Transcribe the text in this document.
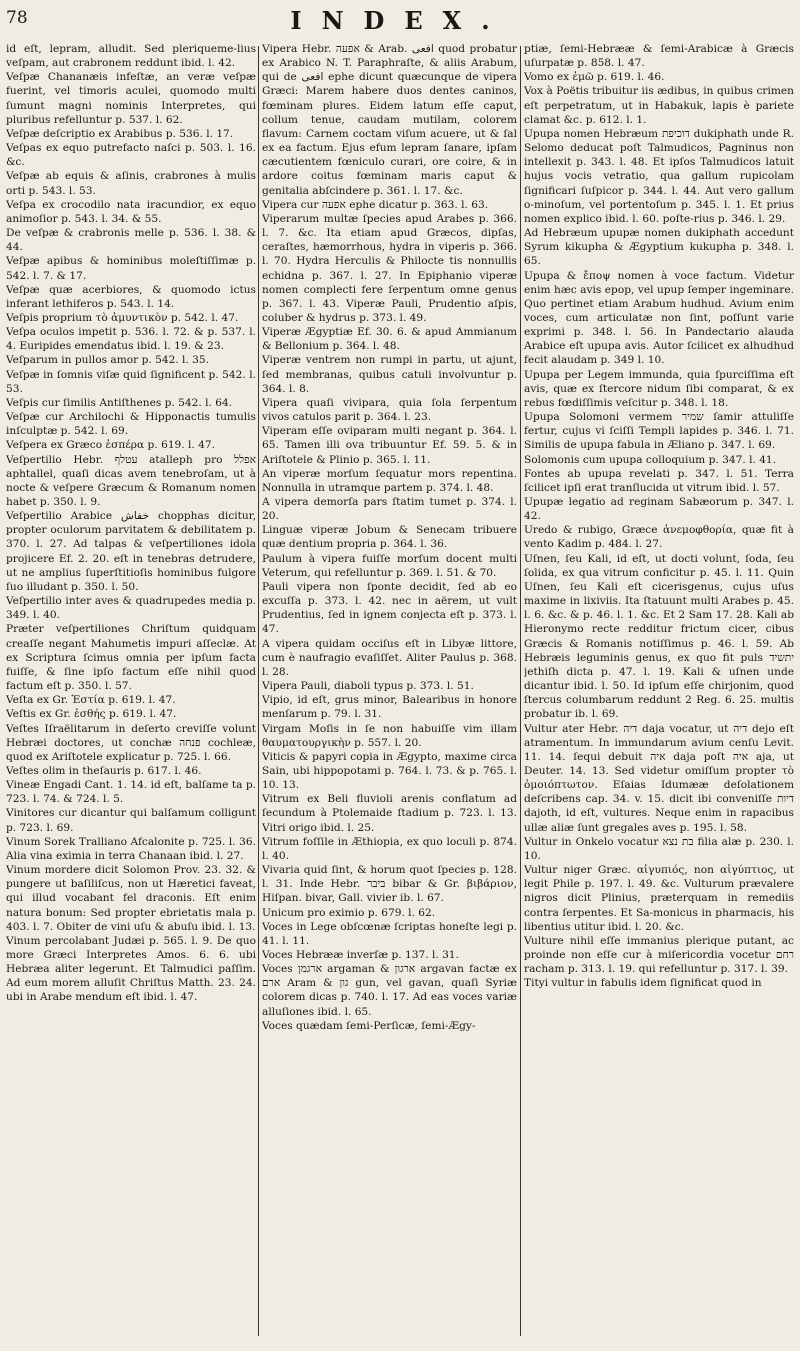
78	INDEX.
id eſt, lepram, alludit. Sed pleriqueme-lius veſpam, aut crabronem reddunt ibid. l. 42.
Veſpæ Chananæis infeſtæ, an veræ veſpæ fuerint, vel timoris aculei, quomodo multi ſumunt magni nominis Interpretes, qui pluribus refelluntur p. 537. l. 62.
Veſpæ deſcriptio ex Arabibus p. 536. l. 17.
Veſpas ex equo putrefacto naſci p. 503. l. 16. &c.
Veſpæ ab equis & aſinis, crabrones à mulis orti p. 543. l. 53.
Veſpa ex crocodilo nata iracundior, ex equo animoſior p. 543. l. 34. & 55.
De veſpæ & crabronis melle p. 536. l. 38. & 44.
Veſpæ apibus & hominibus moleſtiſſimæ p. 542. l. 7. & 17.
Veſpæ quæ acerbiores, & quomodo ictus inferant lethiferos p. 543. l. 14.
Veſpis proprium τὸ ἀμυντικὸν p. 542. l. 47.
Veſpa oculos impetit p. 536. l. 72. & p. 537. l. 4. Euripides emendatus ibid. l. 19. & 23.
Veſparum in pullos amor p. 542. l. 35.
Veſpæ in ſomnis viſæ quid ſignificent p. 542. l. 53.
Veſpis cur ſimilis Antiſthenes p. 542. l. 64.
Veſpæ cur Archilochi & Hipponactis tumulis inſculptæ p. 542. l. 69.
Veſpera ex Græco ἑσπέρα p. 619. l. 47.
Veſpertilio Hebr. עטלף atalleph pro אפלל aphtallel, quaſi dicas avem tenebroſam, ut à nocte & veſpere Græcum & Romanum nomen habet p. 350. l. 9.
Veſpertilio Arabice خفاش chopphas dicitur, propter oculorum parvitatem & debilitatem p. 370. l. 27. Ad talpas & veſpertiliones idola projicere Ef. 2. 20. eſt in tenebras detrudere, ut ne amplius ſuperſtitioſis hominibus fulgore ſuo illudant p. 350. l. 50.
Veſpertilio inter aves & quadrupedes media p. 349. l. 40.
Præter veſpertiliones Chriſtum quidquam creaſſe negant Mahumetis impuri aſſeclæ. At ex Scriptura ſcimus omnia per ipſum facta fuiſſe, & ſine ipſo factum eſſe nihil quod factum eſt p. 350. l. 57.
Veſta ex Gr. Ἑστία p. 619. l. 47.
Veſtis ex Gr. ἐσθής p. 619. l. 47.
Veſtes Iſraëlitarum in deſerto creviſſe volunt Hebræi doctores, ut conchæ פנחה cochleæ, quod ex Ariſtotele explicatur p. 725. l. 66.
Veſtes olim in theſauris p. 617. l. 46.
Vineæ Engadi Cant. 1. 14. id eſt, balſame ta p. 723. l. 74. & 724. l. 5.
Vinitores cur dicantur qui balſamum colligunt p. 723. l. 69.
Vinum Sorek Tralliano Afcalonite p. 725. l. 36. Alia vina eximia in terra Chanaan ibid. l. 27.
Vinum mordere dicit Solomon Prov. 23. 32. & pungere ut baſiliſcus, non ut Hæretici faveat, qui illud vocabant fel draconis. Eſt enim natura bonum: Sed propter ebrietatis mala p. 403. l. 7. Obiter de vini uſu & abuſu ibid. l. 13.
Vinum percolabant Judæi p. 565. l. 9. De quo more Græci Interpretes Amos. 6. 6. ubi Hebræa aliter legerunt. Et Talmudici paſſim. Ad eum morem alluſit Chriſtus Matth. 23. 24. ubi in Arabe mendum eſt ibid. l. 47.
Vipera Hebr. אפעה & Arab. افعى quod probatur ex Arabico N. T. Paraphraſte, & aliis Arabum, qui de افعى ephe dicunt quæcunque de vipera Græci: Marem habere duos dentes caninos, fœminam plures. Eidem latum eſſe caput, collum tenue, caudam mutilam, colorem flavum: Carnem coctam viſum acuere, ut & ſal ex ea factum. Ejus efum lepram ſanare, ipſam cæcutientem fœniculo curari, ore coire, & in ardore coitus fœminam maris caput & genitalia abſcindere p. 361. l. 17. &c.
Vipera cur אפעה ephe dicatur p. 363. l. 63.
Viperarum multæ ſpecies apud Arabes p. 366. l. 7. &c. Ita etiam apud Græcos, dipſas, ceraſtes, hæmorrhous, hydra in viperis p. 366. l. 70. Hydra Herculis & Philocte tis nonnullis echidna p. 367. l. 27. In Epiphanio viperæ nomen complecti fere ſerpentum omne genus p. 367. l. 43. Viperæ Pauli, Prudentio aſpis, coluber & hydrus p. 373. l. 49.
Viperæ Ægyptiæ Ef. 30. 6. & apud Ammianum & Bellonium p. 364. l. 48.
Viperæ ventrem non rumpi in partu, ut ajunt, ſed membranas, quibus catuli involvuntur p. 364. l. 8.
Vipera quaſi vivipara, quia ſola ſerpentum vivos catulos parit p. 364. l. 23.
Viperam eſſe oviparam multi negant p. 364. l. 65. Tamen illi ova tribuuntur Ef. 59. 5. & in Ariſtotele & Plinio p. 365. l. 11.
An viperæ morſum ſequatur mors repentina. Nonnulla in utramque partem p. 374. l. 48.
A vipera demorſa pars ſtatim tumet p. 374. l. 20.
Linguæ viperæ Jobum & Senecam tribuere quæ dentium propria p. 364. l. 36.
Paulum à vipera fuiſſe morſum docent multi Veterum, qui refelluntur p. 369. l. 51. & 70.
Pauli vipera non ſponte decidit, ſed ab eo excuſſa p. 373. l. 42. nec in aërem, ut vult Prudentius, ſed in ignem conjecta eſt p. 373. l. 47.
A vipera quidam occiſus eſt in Libyæ littore, cum è naufragio evaſiſſet. Aliter Paulus p. 368. l. 28.
Vipera Pauli, diaboli typus p. 373. l. 51.
Vipio, id eſt, grus minor, Balearibus in honore menſarum p. 79. l. 31.
Virgam Moſis in ſe non habuiſſe vim illam θαυματουργικὴν p. 557. l. 20.
Viticis & papyri copia in Ægypto, maxime circa Sain, ubi hippopotami p. 764. l. 73. & p. 765. l. 10. 13.
Vitrum ex Beli fluvioli arenis conflatum ad ſecundum à Ptolemaide ſtadium p. 723. l. 13. Vitri origo ibid. l. 25.
Vitrum foſſile in Æthiopia, ex quo loculi p. 874. l. 40.
Vivaria quid ſint, & horum quot ſpecies p. 128. l. 31. Inde Hebr. ביבר bibar & Gr. βιβάριον, Hiſpan. bivar, Gall. vivier ib. l. 67.
Unicum pro eximio p. 679. l. 62.
Voces in Lege obſcœnæ ſcriptas honeſte legi p. 41. l. 11.
Voces Hebrææ inverſæ p. 137. l. 31.
Voces ארגמן argaman & ארגון argavan factæ ex ארם Aram & גון gun, vel gavan, quaſi Syriæ colorem dicas p. 740. l. 17. Ad eas voces variæ alluſiones ibid. l. 65.
Voces quædam ſemi-Perſicæ, ſemi-Ægy-
ptiæ, ſemi-Hebrææ & ſemi-Arabicæ à Græcis uſurpatæ p. 858. l. 47.
Vomo ex ἐμῶ p. 619. l. 46.
Vox à Poëtis tribuitur iis ædibus, in quibus crimen eſt perpetratum, ut in Habakuk, lapis è pariete clamat &c. p. 612. l. 1.
Upupa nomen Hebræum דוכיפת dukiphath unde R. Selomo deducat poſt Talmudicos, Pagninus non intellexit p. 343. l. 48. Et ipſos Talmudicos latuit hujus vocis vetratio, qua gallum rupicolam ſignificari ſuſpicor p. 344. l. 44. Aut vero gallum o-minoſum, vel portentoſum p. 345. l. 1. Et prius nomen explico ibid. l. 60. poſte-rius p. 346. l. 29.
Ad Hebræum upupæ nomen dukiphath accedunt Syrum kikupha & Ægyptium kukupha p. 348. l. 65.
Upupa & ἔποψ nomen à voce factum. Videtur enim hæc avis epop, vel upup ſemper ingeminare. Quo pertinet etiam Arabum hudhud. Avium enim voces, cum articulatæ non ſint, poſſunt varie exprimi p. 348. l. 56. In Pandectario alauda Arabice eſt upupa avis. Autor ſcilicet ex alhudhud fecit alaudam p. 349 l. 10.
Upupa per Legem immunda, quia ſpurciſſima eſt avis, quæ ex ſtercore nidum ſibi comparat, & ex rebus fœdiſſimis veſcitur p. 348. l. 18.
Upupa Solomoni vermem שמיר ſamir attuliſſe fertur, cujus vi ſciſſi Templi lapides p. 346. l. 71. Similis de upupa fabula in Æliano p. 347. l. 69.
Solomonis cum upupa colloquium p. 347. l. 41.
Fontes ab upupa revelati p. 347. l. 51. Terra ſcilicet ipſi erat tranſlucida ut vitrum ibid. l. 57.
Upupæ legatio ad reginam Sabæorum p. 347. l. 42.
Uredo & rubigo, Græce ἀνεμοφθορία, quæ fit à vento Kadim p. 484. l. 27.
Uſnen, ſeu Kali, id eſt, ut docti volunt, ſoda, ſeu ſolida, ex qua vitrum conficitur p. 45. l. 11. Quin Uſnen, ſeu Kali eſt cicerisgenus, cujus uſus maxime in lixiviis. Ita ſtatuunt multi Arabes p. 45. l. 6. &c. & p. 46. l. 1. &c. Et 2 Sam 17. 28. Kali ab Hieronymo recte redditur frictum cicer, cibus Græcis & Romanis notiſſimus p. 46. l. 59. Ab Hebræis leguminis genus, ex quo fit puls יתשיד jethiſh dicta p. 47. l. 19. Kali & uſnen unde dicantur ibid. l. 50. Id ipſum eſſe chirjonim, quod ſtercus columbarum reddunt 2 Reg. 6. 25. multis probatur ib. l. 69.
Vultur ater Hebr. דיה daja vocatur, ut דיה dejo eſt atramentum. In immundarum avium cenſu Levit. 11. 14. ſequi debuit איה daja poſt איה aja, ut Deuter. 14. 13. Sed videtur omiſſum propter τὸ ὁμοιόπτωτον. Eſaias Idumææ deſolationem deſcribens cap. 34. v. 15. dicit ibi conveniſſe דיות dajoth, id eſt, vultures. Neque enim in rapacibus ullæ aliæ ſunt gregales aves p. 195. l. 58.
Vultur in Onkelo vocatur בת נצא filia alæ p. 230. l. 10.
Vultur niger Græc. αἰγυπιός, non αἰγύπτιος, ut legit Phile p. 197. l. 49. &c. Vulturum prævalere nigros dicit Plinius, præterquam in remediis contra ſerpentes. Et Sa-monicus in pharmacis, his libentius utitur ibid. l. 20. &c.
Vulture nihil eſſe immanius plerique putant, ac proinde non eſſe cur à miſericordia vocetur רחם racham p. 313. l. 19. qui refelluntur p. 317. l. 39.
Tityi vultur in fabulis idem ſignificat quod in
